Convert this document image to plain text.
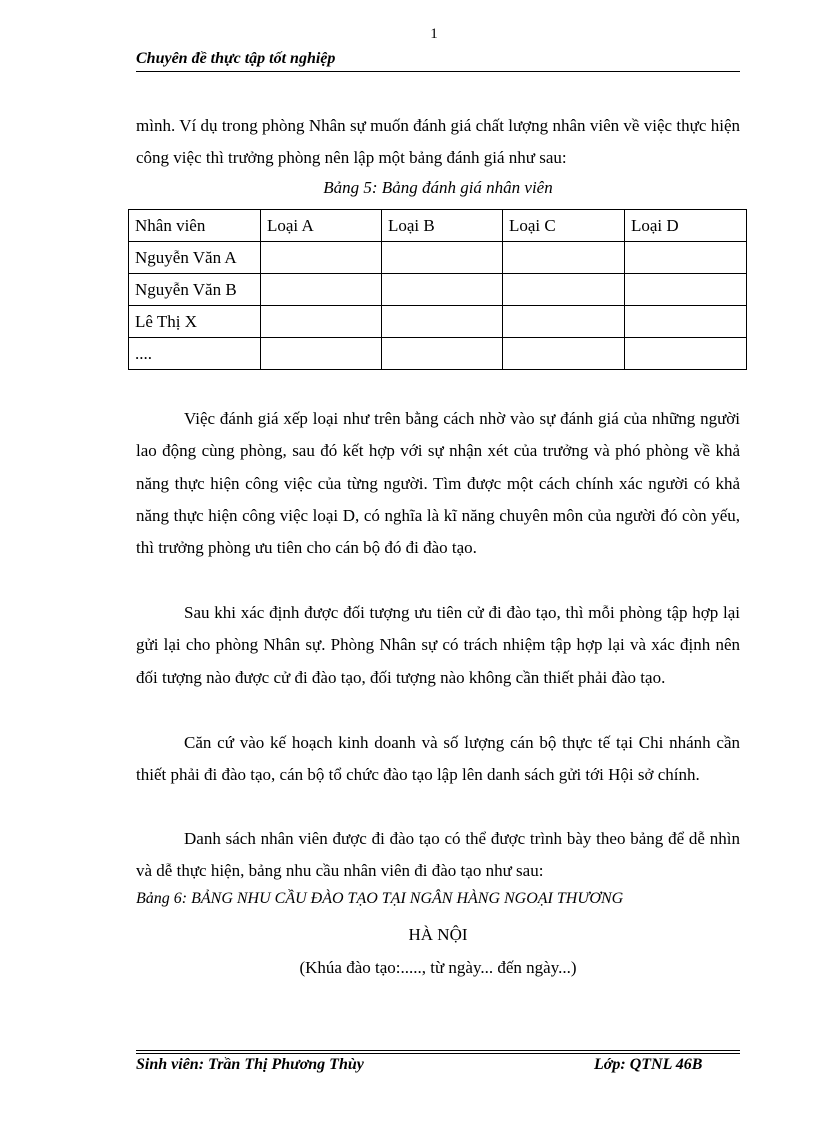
1
Chuyên đề thực tập tốt nghiệp
mình. Ví dụ trong phòng Nhân sự muốn đánh giá chất lượng nhân viên về việc thực hiện công việc thì trưởng phòng nên lập một bảng đánh giá như sau:
Bảng 5: Bảng đánh giá nhân viên
Nhân viên	Loại A	Loại B	Loại C	Loại D
Nguyễn Văn A				
Nguyễn Văn B				
Lê Thị X				
....				
Việc đánh giá xếp loại như trên bằng cách nhờ vào sự đánh giá của những người lao động cùng phòng, sau đó kết hợp với sự nhận xét của trưởng và phó phòng về khả năng thực hiện công việc của từng người. Tìm được một cách chính xác người có khả năng thực hiện công việc loại D, có nghĩa là kĩ năng chuyên môn của người đó còn yếu, thì trưởng phòng ưu tiên cho cán bộ đó đi đào tạo.
Sau khi xác định được đối tượng ưu tiên cử đi đào tạo, thì mỗi phòng tập hợp lại gửi lại cho phòng Nhân sự. Phòng Nhân sự có trách nhiệm tập hợp lại và xác định nên đối tượng nào được cử đi đào tạo, đối tượng nào không cần thiết phải đào tạo.
Căn cứ vào kế hoạch kinh doanh và số lượng cán bộ thực tế tại Chi nhánh cần thiết phải đi đào tạo, cán bộ tổ chức đào tạo lập lên danh sách gửi tới Hội sở chính.
Danh sách nhân viên được đi đào tạo có thể được trình bày theo bảng để dễ nhìn và dễ thực hiện, bảng nhu cầu nhân viên đi đào tạo như sau:
Bảng 6: BẢNG NHU CẦU ĐÀO TẠO TẠI NGÂN HÀNG NGOẠI THƯƠNG
HÀ NỘI
(Khúa đào tạo:....., từ ngày... đến ngày...)
Sinh viên: Trần Thị Phương Thùy	Lớp: QTNL 46B
